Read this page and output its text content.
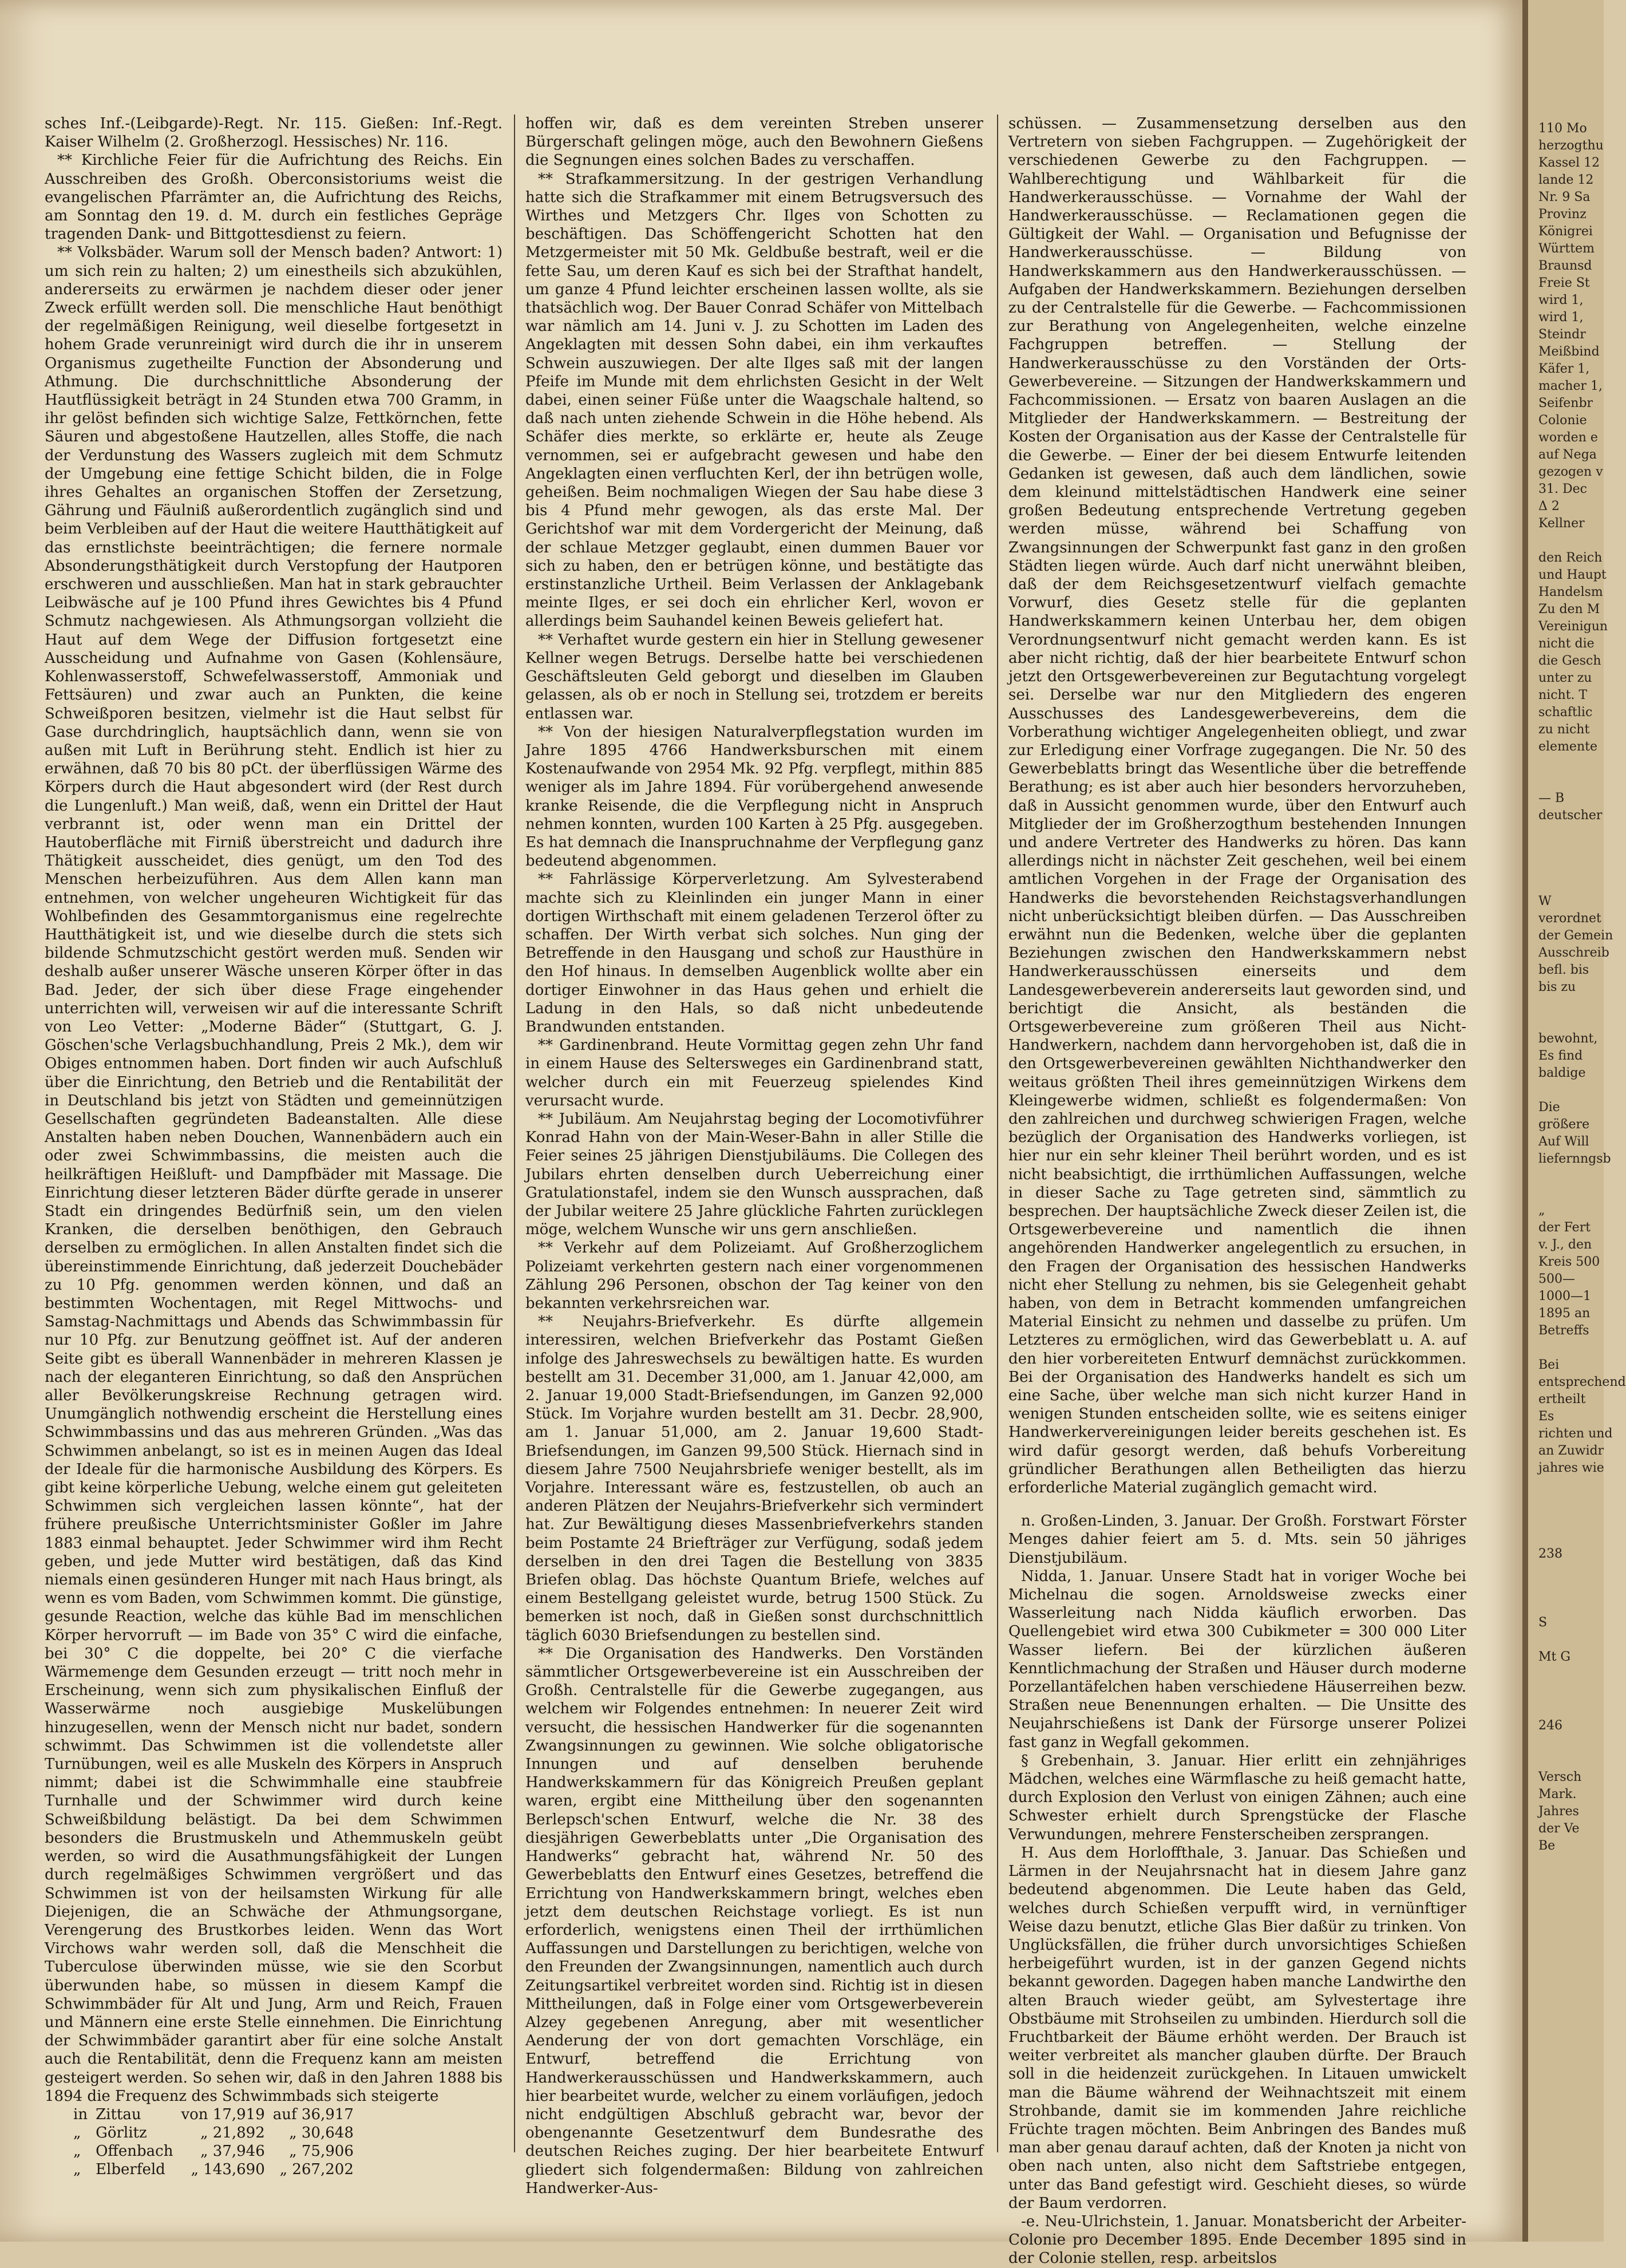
sches Inf.-(Leibgarde)-Regt. Nr. 115. Gießen: Inf.-Regt. Kaiser Wilhelm (2. Großherzogl. Hessisches) Nr. 116.

** Kirchliche Feier für die Aufrichtung des Reichs. Ein Ausschreiben des Großh. Oberconsistoriums weist die evangelischen Pfarrämter an, die Aufrichtung des Reichs, am Sonntag den 19. d. M. durch ein festliches Gepräge tragenden Dank- und Bittgottesdienst zu feiern.

** Volksbäder. Warum soll der Mensch baden? Antwort: 1) um sich rein zu halten; 2) um einestheils sich abzukühlen, andererseits zu erwärmen je nachdem dieser oder jener Zweck erfüllt werden soll. Die menschliche Haut benöthigt der regelmäßigen Reinigung, weil dieselbe fortgesetzt in hohem Grade verunreinigt wird durch die ihr in unserem Organismus zugetheilte Function der Absonderung und Athmung. Die durchschnittliche Absonderung der Hautflüssigkeit beträgt in 24 Stunden etwa 700 Gramm, in ihr gelöst befinden sich wichtige Salze, Fettkörnchen, fette Säuren und abgestoßene Hautzellen, alles Stoffe, die nach der Verdunstung des Wassers zugleich mit dem Schmutz der Umgebung eine fettige Schicht bilden, die in Folge ihres Gehaltes an organischen Stoffen der Zersetzung, Gährung und Fäulniß außerordentlich zugänglich sind und beim Verbleiben auf der Haut die weitere Hautthätigkeit auf das ernstlichste beeinträchtigen; die fernere normale Absonderungsthätigkeit durch Verstopfung der Hautporen erschweren und ausschließen. Man hat in stark gebrauchter Leibwäsche auf je 100 Pfund ihres Gewichtes bis 4 Pfund Schmutz nachgewiesen. Als Athmungsorgan vollzieht die Haut auf dem Wege der Diffusion fortgesetzt eine Ausscheidung und Aufnahme von Gasen (Kohlensäure, Kohlenwasserstoff, Schwefelwasserstoff, Ammoniak und Fettsäuren) und zwar auch an Punkten, die keine Schweißporen besitzen, vielmehr ist die Haut selbst für Gase durchdringlich, hauptsächlich dann, wenn sie von außen mit Luft in Berührung steht. Endlich ist hier zu erwähnen, daß 70 bis 80 pCt. der überflüssigen Wärme des Körpers durch die Haut abgesondert wird (der Rest durch die Lungenluft.) Man weiß, daß, wenn ein Drittel der Haut verbrannt ist, oder wenn man ein Drittel der Hautoberfläche mit Firniß überstreicht und dadurch ihre Thätigkeit ausscheidet, dies genügt, um den Tod des Menschen herbeizuführen. Aus dem Allen kann man entnehmen, von welcher ungeheuren Wichtigkeit für das Wohlbefinden des Gesammtorganismus eine regelrechte Hautthätigkeit ist, und wie dieselbe durch die stets sich bildende Schmutzschicht gestört werden muß. Senden wir deshalb außer unserer Wäsche unseren Körper öfter in das Bad. Jeder, der sich über diese Frage eingehender unterrichten will, verweisen wir auf die interessante Schrift von Leo Vetter: „Moderne Bäder“ (Stuttgart, G. J. Göschen'sche Verlagsbuchhandlung, Preis 2 Mk.), dem wir Obiges entnommen haben. Dort finden wir auch Aufschluß über die Einrichtung, den Betrieb und die Rentabilität der in Deutschland bis jetzt von Städten und gemeinnützigen Gesellschaften gegründeten Badeanstalten. Alle diese Anstalten haben neben Douchen, Wannenbädern auch ein oder zwei Schwimmbassins, die meisten auch die heilkräftigen Heißluft- und Dampfbäder mit Massage. Die Einrichtung dieser letzteren Bäder dürfte gerade in unserer Stadt ein dringendes Bedürfniß sein, um den vielen Kranken, die derselben benöthigen, den Gebrauch derselben zu ermöglichen. In allen Anstalten findet sich die übereinstimmende Einrichtung, daß jederzeit Douchebäder zu 10 Pfg. genommen werden können, und daß an bestimmten Wochentagen, mit Regel Mittwochs- und Samstag-Nachmittags und Abends das Schwimmbassin für nur 10 Pfg. zur Benutzung geöffnet ist. Auf der anderen Seite gibt es überall Wannenbäder in mehreren Klassen je nach der eleganteren Einrichtung, so daß den Ansprüchen aller Bevölkerungskreise Rechnung getragen wird. Unumgänglich nothwendig erscheint die Herstellung eines Schwimmbassins und das aus mehreren Gründen. „Was das Schwimmen anbelangt, so ist es in meinen Augen das Ideal der Ideale für die harmonische Ausbildung des Körpers. Es gibt keine körperliche Uebung, welche einem gut geleiteten Schwimmen sich vergleichen lassen könnte“, hat der frühere preußische Unterrichtsminister Goßler im Jahre 1883 einmal behauptet. Jeder Schwimmer wird ihm Recht geben, und jede Mutter wird bestätigen, daß das Kind niemals einen gesünderen Hunger mit nach Haus bringt, als wenn es vom Baden, vom Schwimmen kommt. Die günstige, gesunde Reaction, welche das kühle Bad im menschlichen Körper hervorruft — im Bade von 35° C wird die einfache, bei 30° C die doppelte, bei 20° C die vierfache Wärmemenge dem Gesunden erzeugt — tritt noch mehr in Erscheinung, wenn sich zum physikalischen Einfluß der Wasserwärme noch ausgiebige Muskelübungen hinzugesellen, wenn der Mensch nicht nur badet, sondern schwimmt. Das Schwimmen ist die vollendetste aller Turnübungen, weil es alle Muskeln des Körpers in Anspruch nimmt; dabei ist die Schwimmhalle eine staubfreie Turnhalle und der Schwimmer wird durch keine Schweißbildung belästigt. Da bei dem Schwimmen besonders die Brustmuskeln und Athemmuskeln geübt werden, so wird die Ausathmungsfähigkeit der Lungen durch regelmäßiges Schwimmen vergrößert und das Schwimmen ist von der heilsamsten Wirkung für alle Diejenigen, die an Schwäche der Athmungsorgane, Verengerung des Brustkorbes leiden. Wenn das Wort Virchows wahr werden soll, daß die Menschheit die Tuberculose überwinden müsse, wie sie den Scorbut überwunden habe, so müssen in diesem Kampf die Schwimmbäder für Alt und Jung, Arm und Reich, Frauen und Männern eine erste Stelle einnehmen. Die Einrichtung der Schwimmbäder garantirt aber für eine solche Anstalt auch die Rentabilität, denn die Frequenz kann am meisten gesteigert werden. So sehen wir, daß in den Jahren 1888 bis 1894 die Frequenz des Schwimmbads sich steigerte

in	Zittau	von 17,919	auf 36,917
„	Görlitz	„ 21,892	„ 30,648
„	Offenbach	„ 37,946	„ 75,906
„	Elberfeld	„ 143,690	„ 267,202

hoffen wir, daß es dem vereinten Streben unserer Bürgerschaft gelingen möge, auch den Bewohnern Gießens die Segnungen eines solchen Bades zu verschaffen.

** Strafkammersitzung. In der gestrigen Verhandlung hatte sich die Strafkammer mit einem Betrugsversuch des Wirthes und Metzgers Chr. Ilges von Schotten zu beschäftigen. Das Schöffengericht Schotten hat den Metzgermeister mit 50 Mk. Geldbuße bestraft, weil er die fette Sau, um deren Kauf es sich bei der Strafthat handelt, um ganze 4 Pfund leichter erscheinen lassen wollte, als sie thatsächlich wog. Der Bauer Conrad Schäfer von Mittelbach war nämlich am 14. Juni v. J. zu Schotten im Laden des Angeklagten mit dessen Sohn dabei, ein ihm verkauftes Schwein auszuwiegen. Der alte Ilges saß mit der langen Pfeife im Munde mit dem ehrlichsten Gesicht in der Welt dabei, einen seiner Füße unter die Waagschale haltend, so daß nach unten ziehende Schwein in die Höhe hebend. Als Schäfer dies merkte, so erklärte er, heute als Zeuge vernommen, sei er aufgebracht gewesen und habe den Angeklagten einen verfluchten Kerl, der ihn betrügen wolle, geheißen. Beim nochmaligen Wiegen der Sau habe diese 3 bis 4 Pfund mehr gewogen, als das erste Mal. Der Gerichtshof war mit dem Vordergericht der Meinung, daß der schlaue Metzger geglaubt, einen dummen Bauer vor sich zu haben, den er betrügen könne, und bestätigte das erstinstanzliche Urtheil. Beim Verlassen der Anklagebank meinte Ilges, er sei doch ein ehrlicher Kerl, wovon er allerdings beim Sauhandel keinen Beweis geliefert hat.

** Verhaftet wurde gestern ein hier in Stellung gewesener Kellner wegen Betrugs. Derselbe hatte bei verschiedenen Geschäftsleuten Geld geborgt und dieselben im Glauben gelassen, als ob er noch in Stellung sei, trotzdem er bereits entlassen war.

** Von der hiesigen Naturalverpflegstation wurden im Jahre 1895 4766 Handwerksburschen mit einem Kostenaufwande von 2954 Mk. 92 Pfg. verpflegt, mithin 885 weniger als im Jahre 1894. Für vorübergehend anwesende kranke Reisende, die die Verpflegung nicht in Anspruch nehmen konnten, wurden 100 Karten à 25 Pfg. ausgegeben. Es hat demnach die Inanspruchnahme der Verpflegung ganz bedeutend abgenommen.

** Fahrlässige Körperverletzung. Am Sylvesterabend machte sich zu Kleinlinden ein junger Mann in einer dortigen Wirthschaft mit einem geladenen Terzerol öfter zu schaffen. Der Wirth verbat sich solches. Nun ging der Betreffende in den Hausgang und schoß zur Hausthüre in den Hof hinaus. In demselben Augenblick wollte aber ein dortiger Einwohner in das Haus gehen und erhielt die Ladung in den Hals, so daß nicht unbedeutende Brandwunden entstanden.

** Gardinenbrand. Heute Vormittag gegen zehn Uhr fand in einem Hause des Seltersweges ein Gardinenbrand statt, welcher durch ein mit Feuerzeug spielendes Kind verursacht wurde.

** Jubiläum. Am Neujahrstag beging der Locomotivführer Konrad Hahn von der Main-Weser-Bahn in aller Stille die Feier seines 25 jährigen Dienstjubiläums. Die Collegen des Jubilars ehrten denselben durch Ueberreichung einer Gratulationstafel, indem sie den Wunsch aussprachen, daß der Jubilar weitere 25 Jahre glückliche Fahrten zurücklegen möge, welchem Wunsche wir uns gern anschließen.

** Verkehr auf dem Polizeiamt. Auf Großherzoglichem Polizeiamt verkehrten gestern nach einer vorgenommenen Zählung 296 Personen, obschon der Tag keiner von den bekannten verkehrsreichen war.

** Neujahrs-Briefverkehr. Es dürfte allgemein interessiren, welchen Briefverkehr das Postamt Gießen infolge des Jahreswechsels zu bewältigen hatte. Es wurden bestellt am 31. December 31,000, am 1. Januar 42,000, am 2. Januar 19,000 Stadt-Briefsendungen, im Ganzen 92,000 Stück. Im Vorjahre wurden bestellt am 31. Decbr. 28,900, am 1. Januar 51,000, am 2. Januar 19,600 Stadt-Briefsendungen, im Ganzen 99,500 Stück. Hiernach sind in diesem Jahre 7500 Neujahrsbriefe weniger bestellt, als im Vorjahre. Interessant wäre es, festzustellen, ob auch an anderen Plätzen der Neujahrs-Briefverkehr sich vermindert hat. Zur Bewältigung dieses Massenbriefverkehrs standen beim Postamte 24 Briefträger zur Verfügung, sodaß jedem derselben in den drei Tagen die Bestellung von 3835 Briefen oblag. Das höchste Quantum Briefe, welches auf einem Bestellgang geleistet wurde, betrug 1500 Stück. Zu bemerken ist noch, daß in Gießen sonst durchschnittlich täglich 6030 Briefsendungen zu bestellen sind.

** Die Organisation des Handwerks. Den Vorständen sämmtlicher Ortsgewerbevereine ist ein Ausschreiben der Großh. Centralstelle für die Gewerbe zugegangen, aus welchem wir Folgendes entnehmen: In neuerer Zeit wird versucht, die hessischen Handwerker für die sogenannten Zwangsinnungen zu gewinnen. Wie solche obligatorische Innungen und auf denselben beruhende Handwerkskammern für das Königreich Preußen geplant waren, ergibt eine Mittheilung über den sogenannten Berlepsch'schen Entwurf, welche die Nr. 38 des diesjährigen Gewerbeblatts unter „Die Organisation des Handwerks“ gebracht hat, während Nr. 50 des Gewerbeblatts den Entwurf eines Gesetzes, betreffend die Errichtung von Handwerkskammern bringt, welches eben jetzt dem deutschen Reichstage vorliegt. Es ist nun erforderlich, wenigstens einen Theil der irrthümlichen Auffassungen und Darstellungen zu berichtigen, welche von den Freunden der Zwangsinnungen, namentlich auch durch Zeitungsartikel verbreitet worden sind. Richtig ist in diesen Mittheilungen, daß in Folge einer vom Ortsgewerbeverein Alzey gegebenen Anregung, aber mit wesentlicher Aenderung der von dort gemachten Vorschläge, ein Entwurf, betreffend die Errichtung von Handwerkerausschüssen und Handwerkskammern, auch hier bearbeitet wurde, welcher zu einem vorläufigen, jedoch nicht endgültigen Abschluß gebracht war, bevor der obengenannte Gesetzentwurf dem Bundesrathe des deutschen Reiches zuging. Der hier bearbeitete Entwurf gliedert sich folgendermaßen: Bildung von zahlreichen Handwerker-Aus-

schüssen. — Zusammensetzung derselben aus den Vertretern von sieben Fachgruppen. — Zugehörigkeit der verschiedenen Gewerbe zu den Fachgruppen. — Wahlberechtigung und Wählbarkeit für die Handwerkerausschüsse. — Vornahme der Wahl der Handwerkerausschüsse. — Reclamationen gegen die Gültigkeit der Wahl. — Organisation und Befugnisse der Handwerkerausschüsse. — Bildung von Handwerkskammern aus den Handwerkerausschüssen. — Aufgaben der Handwerkskammern. Beziehungen derselben zu der Centralstelle für die Gewerbe. — Fachcommissionen zur Berathung von Angelegenheiten, welche einzelne Fachgruppen betreffen. — Stellung der Handwerkerausschüsse zu den Vorständen der Orts-Gewerbevereine. — Sitzungen der Handwerkskammern und Fachcommissionen. — Ersatz von baaren Auslagen an die Mitglieder der Handwerkskammern. — Bestreitung der Kosten der Organisation aus der Kasse der Centralstelle für die Gewerbe. — Einer der bei diesem Entwurfe leitenden Gedanken ist gewesen, daß auch dem ländlichen, sowie dem kleinund mittelstädtischen Handwerk eine seiner großen Bedeutung entsprechende Vertretung gegeben werden müsse, während bei Schaffung von Zwangsinnungen der Schwerpunkt fast ganz in den großen Städten liegen würde. Auch darf nicht unerwähnt bleiben, daß der dem Reichsgesetzentwurf vielfach gemachte Vorwurf, dies Gesetz stelle für die geplanten Handwerkskammern keinen Unterbau her, dem obigen Verordnungsentwurf nicht gemacht werden kann. Es ist aber nicht richtig, daß der hier bearbeitete Entwurf schon jetzt den Ortsgewerbevereinen zur Begutachtung vorgelegt sei. Derselbe war nur den Mitgliedern des engeren Ausschusses des Landesgewerbevereins, dem die Vorberathung wichtiger Angelegenheiten obliegt, und zwar zur Erledigung einer Vorfrage zugegangen. Die Nr. 50 des Gewerbeblatts bringt das Wesentliche über die betreffende Berathung; es ist aber auch hier besonders hervorzuheben, daß in Aussicht genommen wurde, über den Entwurf auch Mitglieder der im Großherzogthum bestehenden Innungen und andere Vertreter des Handwerks zu hören. Das kann allerdings nicht in nächster Zeit geschehen, weil bei einem amtlichen Vorgehen in der Frage der Organisation des Handwerks die bevorstehenden Reichstagsverhandlungen nicht unberücksichtigt bleiben dürfen. — Das Ausschreiben erwähnt nun die Bedenken, welche über die geplanten Beziehungen zwischen den Handwerkskammern nebst Handwerkerausschüssen einerseits und dem Landesgewerbeverein andererseits laut geworden sind, und berichtigt die Ansicht, als beständen die Ortsgewerbevereine zum größeren Theil aus Nicht-Handwerkern, nachdem dann hervorgehoben ist, daß die in den Ortsgewerbevereinen gewählten Nichthandwerker den weitaus größten Theil ihres gemeinnützigen Wirkens dem Kleingewerbe widmen, schließt es folgendermaßen: Von den zahlreichen und durchweg schwierigen Fragen, welche bezüglich der Organisation des Handwerks vorliegen, ist hier nur ein sehr kleiner Theil berührt worden, und es ist nicht beabsichtigt, die irrthümlichen Auffassungen, welche in dieser Sache zu Tage getreten sind, sämmtlich zu besprechen. Der hauptsächliche Zweck dieser Zeilen ist, die Ortsgewerbevereine und namentlich die ihnen angehörenden Handwerker angelegentlich zu ersuchen, in den Fragen der Organisation des hessischen Handwerks nicht eher Stellung zu nehmen, bis sie Gelegenheit gehabt haben, von dem in Betracht kommenden umfangreichen Material Einsicht zu nehmen und dasselbe zu prüfen. Um Letzteres zu ermöglichen, wird das Gewerbeblatt u. A. auf den hier vorbereiteten Entwurf demnächst zurückkommen. Bei der Organisation des Handwerks handelt es sich um eine Sache, über welche man sich nicht kurzer Hand in wenigen Stunden entscheiden sollte, wie es seitens einiger Handwerkervereinigungen leider bereits geschehen ist. Es wird dafür gesorgt werden, daß behufs Vorbereitung gründlicher Berathungen allen Betheiligten das hierzu erforderliche Material zugänglich gemacht wird.

n. Großen-Linden, 3. Januar. Der Großh. Forstwart Förster Menges dahier feiert am 5. d. Mts. sein 50 jähriges Dienstjubiläum.

Nidda, 1. Januar. Unsere Stadt hat in voriger Woche bei Michelnau die sogen. Arnoldsweise zwecks einer Wasserleitung nach Nidda käuflich erworben. Das Quellengebiet wird etwa 300 Cubikmeter = 300 000 Liter Wasser liefern. Bei der kürzlichen äußeren Kenntlichmachung der Straßen und Häuser durch moderne Porzellantäfelchen haben verschiedene Häuserreihen bezw. Straßen neue Benennungen erhalten. — Die Unsitte des Neujahrschießens ist Dank der Fürsorge unserer Polizei fast ganz in Wegfall gekommen.

§ Grebenhain, 3. Januar. Hier erlitt ein zehnjähriges Mädchen, welches eine Wärmflasche zu heiß gemacht hatte, durch Explosion den Verlust von einigen Zähnen; auch eine Schwester erhielt durch Sprengstücke der Flasche Verwundungen, mehrere Fensterscheiben zersprangen.

H. Aus dem Horloffthale, 3. Januar. Das Schießen und Lärmen in der Neujahrsnacht hat in diesem Jahre ganz bedeutend abgenommen. Die Leute haben das Geld, welches durch Schießen verpufft wird, in vernünftiger Weise dazu benutzt, etliche Glas Bier daßür zu trinken. Von Unglücksfällen, die früher durch unvorsichtiges Schießen herbeigeführt wurden, ist in der ganzen Gegend nichts bekannt geworden. Dagegen haben manche Landwirthe den alten Brauch wieder geübt, am Sylvestertage ihre Obstbäume mit Strohseilen zu umbinden. Hierdurch soll die Fruchtbarkeit der Bäume erhöht werden. Der Brauch ist weiter verbreitet als mancher glauben dürfte. Der Brauch soll in die heidenzeit zurückgehen. In Litauen umwickelt man die Bäume während der Weihnachtszeit mit einem Strohbande, damit sie im kommenden Jahre reichliche Früchte tragen möchten. Beim Anbringen des Bandes muß man aber genau darauf achten, daß der Knoten ja nicht von oben nach unten, also nicht dem Saftstriebe entgegen, unter das Band gefestigt wird. Geschieht dieses, so würde der Baum verdorren.

-e. Neu-Ulrichstein, 1. Januar. Monatsbericht der Arbeiter-Colonie pro December 1895. Ende December 1895 sind in der Colonie stellen, resp. arbeitslos

110 Mo
herzogthu
Kassel 12
lande 12
Nr. 9 Sa
Provinz
Königrei
Württem
Braunsd
Freie St
wird 1,
wird 1,
Steindr
Meißbind
Käfer 1,
macher 1,
Seifenbr
Colonie
worden e
auf Nega
gezogen v
31. Dec
Δ 2
Kellner

den Reich
und Haupt
Handelsm
Zu den M
Vereinigun
nicht die
die Gesch
unter zu
nicht. T
schaftlic
zu nicht
elemente

— B
deutscher

W
verordnet
der Gemein
Ausschreib
befl. bis
bis zu

bewohnt,
Es find
baldige

Die
größere
Auf Will
liefernngsb

„
der Fert
v. J., den
Kreis 500
500—
1000—1
1895 an
Betreffs

Bei
entsprechend
ertheilt
Es
richten und
an Zuwidr
jahres wie

238

S

Mt G

246

Versch
Mark.
Jahres
der Ve
Be
